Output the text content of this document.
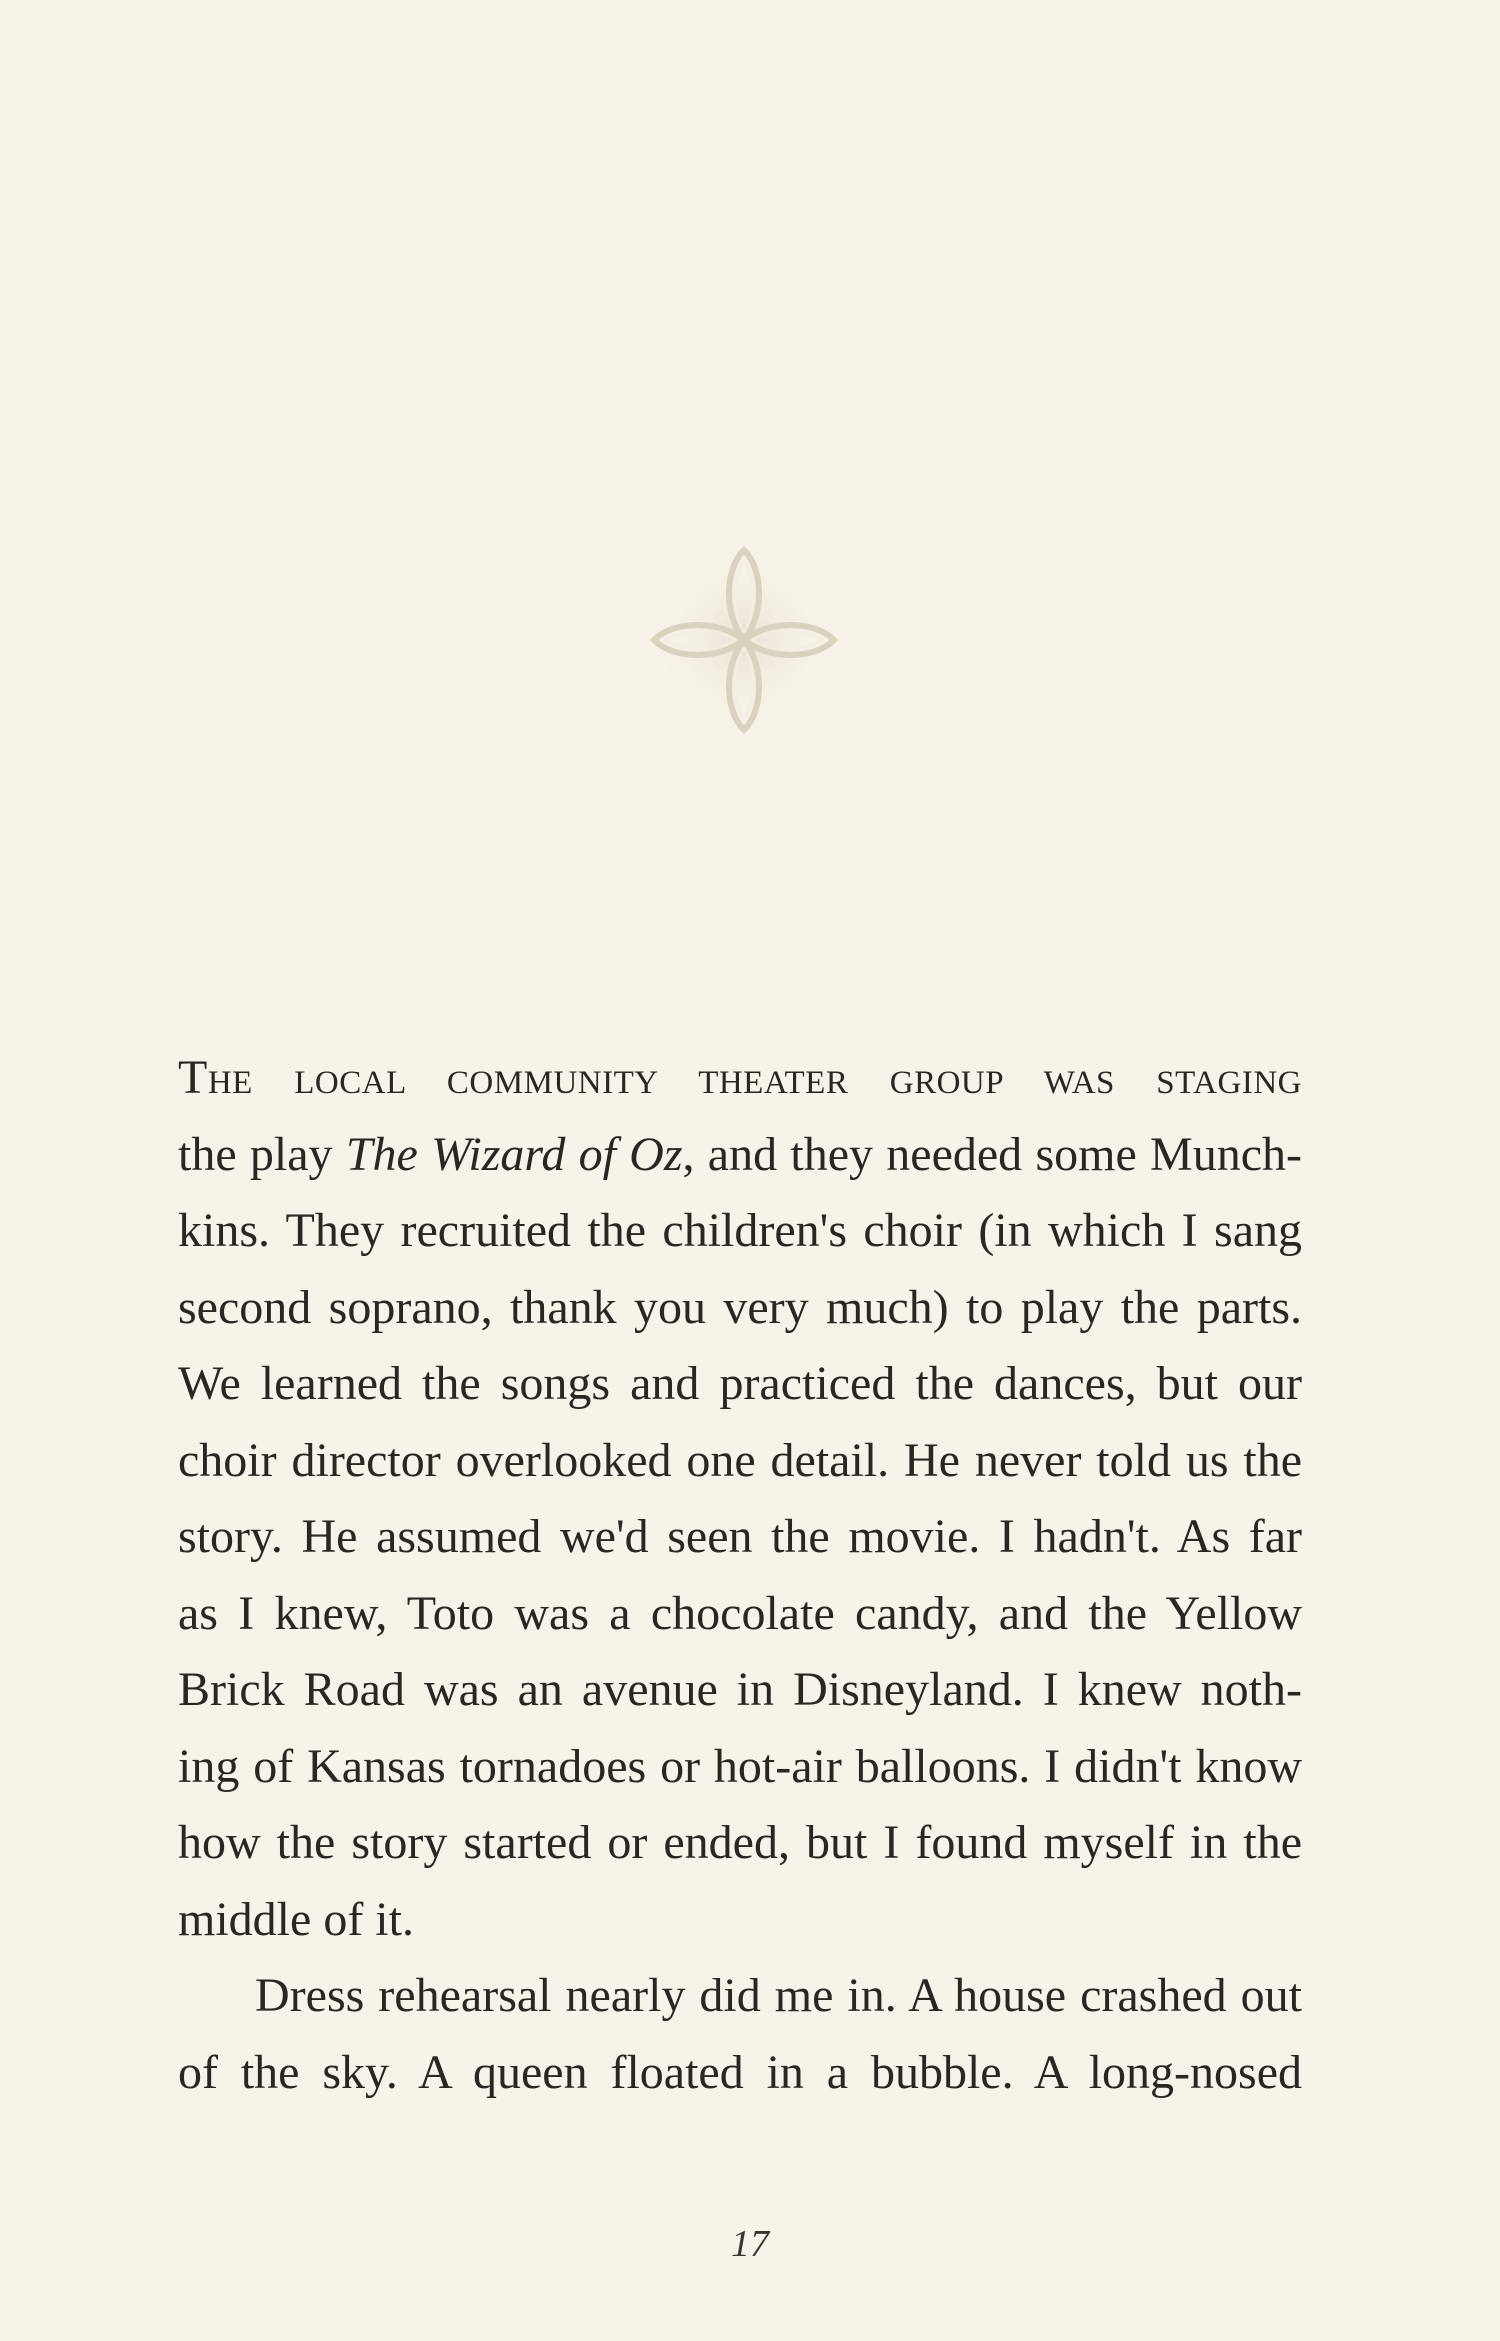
THE LOCAL COMMUNITY THEATER GROUP WAS STAGING
the play The Wizard of Oz, and they needed some Munch-
kins. They recruited the children's choir (in which I sang
second soprano, thank you very much) to play the parts.
We learned the songs and practiced the dances, but our
choir director overlooked one detail. He never told us the
story. He assumed we'd seen the movie. I hadn't. As far
as I knew, Toto was a chocolate candy, and the Yellow
Brick Road was an avenue in Disneyland. I knew noth-
ing of Kansas tornadoes or hot-air balloons. I didn't know
how the story started or ended, but I found myself in the
middle of it.
Dress rehearsal nearly did me in. A house crashed out
of the sky. A queen floated in a bubble. A long-nosed
17
